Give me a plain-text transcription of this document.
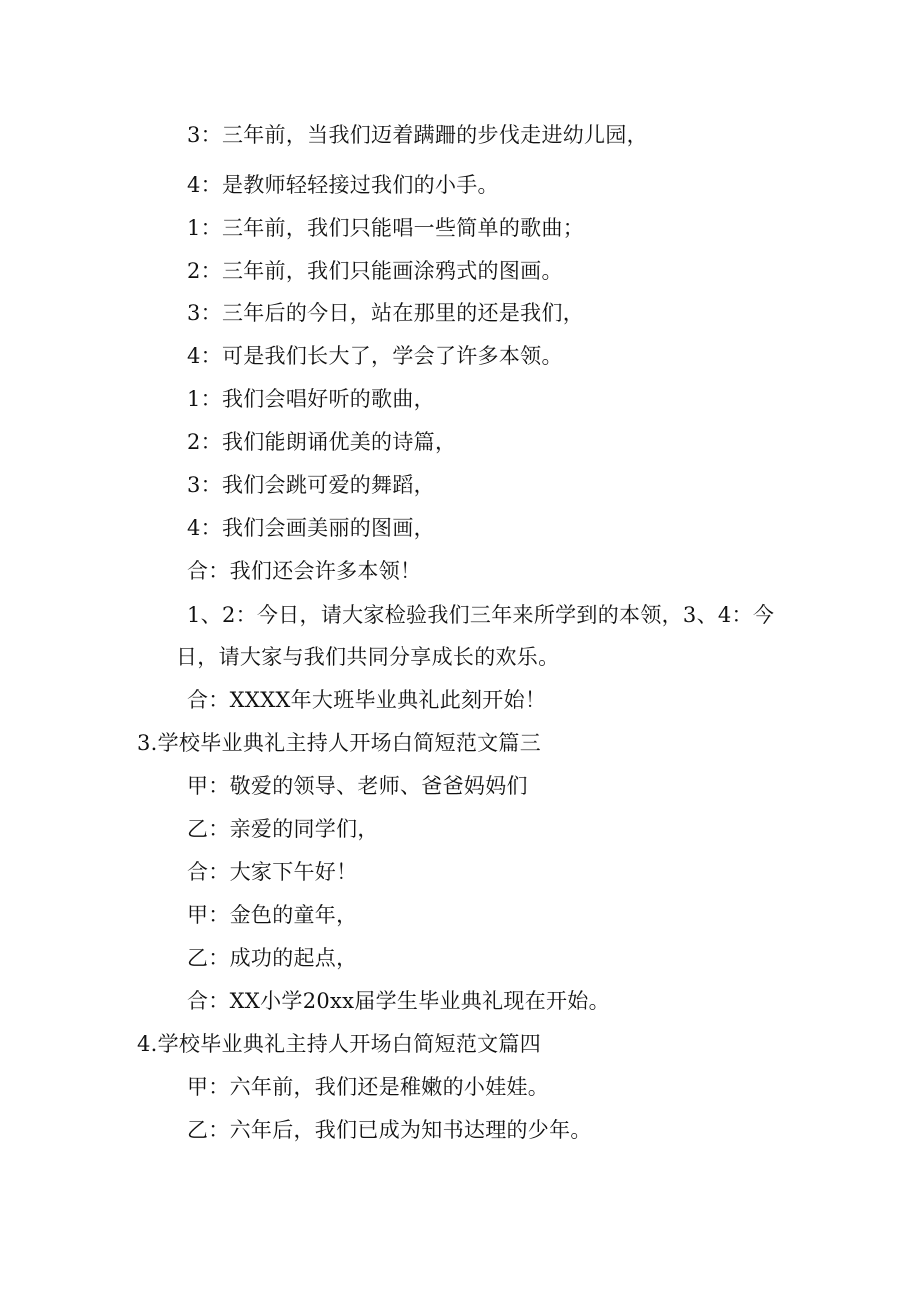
3：三年前，当我们迈着蹒跚的步伐走进幼儿园，
4：是教师轻轻接过我们的小手。
1：三年前，我们只能唱一些简单的歌曲；
2：三年前，我们只能画涂鸦式的图画。
3：三年后的今日，站在那里的还是我们，
4：可是我们长大了，学会了许多本领。
1：我们会唱好听的歌曲，
2：我们能朗诵优美的诗篇，
3：我们会跳可爱的舞蹈，
4：我们会画美丽的图画，
合：我们还会许多本领！
1、2：今日，请大家检验我们三年来所学到的本领，3、4：今
日，请大家与我们共同分享成长的欢乐。
合：XXXX年大班毕业典礼此刻开始！
3.学校毕业典礼主持人开场白简短范文篇三
甲：敬爱的领导、老师、爸爸妈妈们
乙：亲爱的同学们，
合：大家下午好！
甲：金色的童年，
乙：成功的起点，
合：XX小学20xx届学生毕业典礼现在开始。
4.学校毕业典礼主持人开场白简短范文篇四
甲：六年前，我们还是稚嫩的小娃娃。
乙：六年后，我们已成为知书达理的少年。
